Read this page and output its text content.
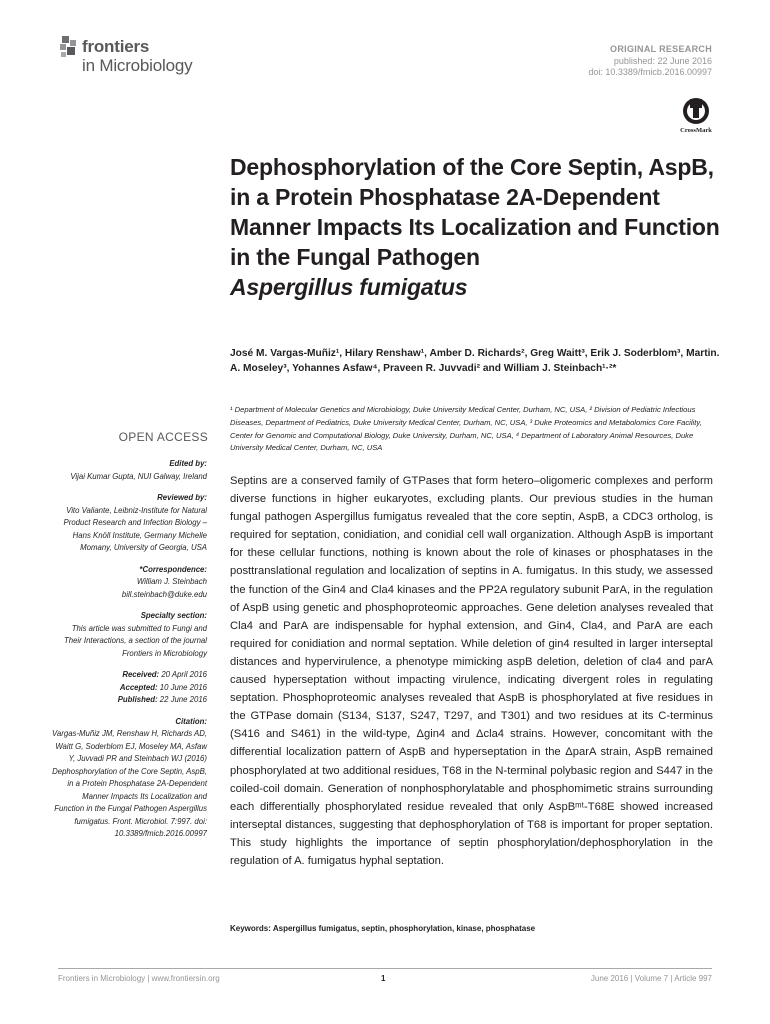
frontiers
in Microbiology
ORIGINAL RESEARCH
published: 22 June 2016
doi: 10.3389/fmicb.2016.00997
CrossMark
Dephosphorylation of the Core Septin, AspB, in a Protein Phosphatase 2A-Dependent Manner Impacts Its Localization and Function in the Fungal Pathogen
Aspergillus fumigatus
José M. Vargas-Muñiz¹, Hilary Renshaw¹, Amber D. Richards², Greg Waitt³, Erik J. Soderblom³, Martin. A. Moseley³, Yohannes Asfaw⁴, Praveen R. Juvvadi² and William J. Steinbach¹·²*
¹ Department of Molecular Genetics and Microbiology, Duke University Medical Center, Durham, NC, USA, ² Division of Pediatric Infectious Diseases, Department of Pediatrics, Duke University Medical Center, Durham, NC, USA, ³ Duke Proteomics and Metabolomics Core Facility, Center for Genomic and Computational Biology, Duke University, Durham, NC, USA, ⁴ Department of Laboratory Animal Resources, Duke University Medical Center, Durham, NC, USA
OPEN ACCESS
Edited by:
Vijai Kumar Gupta, NUI Galway, Ireland
Reviewed by:
Vito Valiante, Leibniz-Institute for Natural Product Research and Infection Biology – Hans Knöll Institute, Germany Michelle Momany, University of Georgia, USA
*Correspondence:
William J. Steinbach
bill.steinbach@duke.edu
Specialty section:
This article was submitted to Fungi and Their Interactions, a section of the journal Frontiers in Microbiology
Received: 20 April 2016
Accepted: 10 June 2016
Published: 22 June 2016
Citation:
Vargas-Muñiz JM, Renshaw H, Richards AD, Waitt G, Soderblom EJ, Moseley MA, Asfaw Y, Juvvadi PR and Steinbach WJ (2016) Dephosphorylation of the Core Septin, AspB, in a Protein Phosphatase 2A-Dependent Manner Impacts Its Localization and Function in the Fungal Pathogen Aspergillus fumigatus. Front. Microbiol. 7:997. doi: 10.3389/fmicb.2016.00997
Septins are a conserved family of GTPases that form hetero–oligomeric complexes and perform diverse functions in higher eukaryotes, excluding plants. Our previous studies in the human fungal pathogen Aspergillus fumigatus revealed that the core septin, AspB, a CDC3 ortholog, is required for septation, conidiation, and conidial cell wall organization. Although AspB is important for these cellular functions, nothing is known about the role of kinases or phosphatases in the posttranslational regulation and localization of septins in A. fumigatus. In this study, we assessed the function of the Gin4 and Cla4 kinases and the PP2A regulatory subunit ParA, in the regulation of AspB using genetic and phosphoproteomic approaches. Gene deletion analyses revealed that Cla4 and ParA are indispensable for hyphal extension, and Gin4, Cla4, and ParA are each required for conidiation and normal septation. While deletion of gin4 resulted in larger interseptal distances and hypervirulence, a phenotype mimicking aspB deletion, deletion of cla4 and parA caused hyperseptation without impacting virulence, indicating divergent roles in regulating septation. Phosphoproteomic analyses revealed that AspB is phosphorylated at five residues in the GTPase domain (S134, S137, S247, T297, and T301) and two residues at its C-terminus (S416 and S461) in the wild-type, Δgin4 and Δcla4 strains. However, concomitant with the differential localization pattern of AspB and hyperseptation in the ΔparA strain, AspB remained phosphorylated at two additional residues, T68 in the N-terminal polybasic region and S447 in the coiled-coil domain. Generation of nonphosphorylatable and phosphomimetic strains surrounding each differentially phosphorylated residue revealed that only AspBᵐᵗ-T68E showed increased interseptal distances, suggesting that dephosphorylation of T68 is important for proper septation. This study highlights the importance of septin phosphorylation/dephosphorylation in the regulation of A. fumigatus hyphal septation.
Keywords: Aspergillus fumigatus, septin, phosphorylation, kinase, phosphatase
Frontiers in Microbiology | www.frontiersin.org	1	June 2016 | Volume 7 | Article 997
